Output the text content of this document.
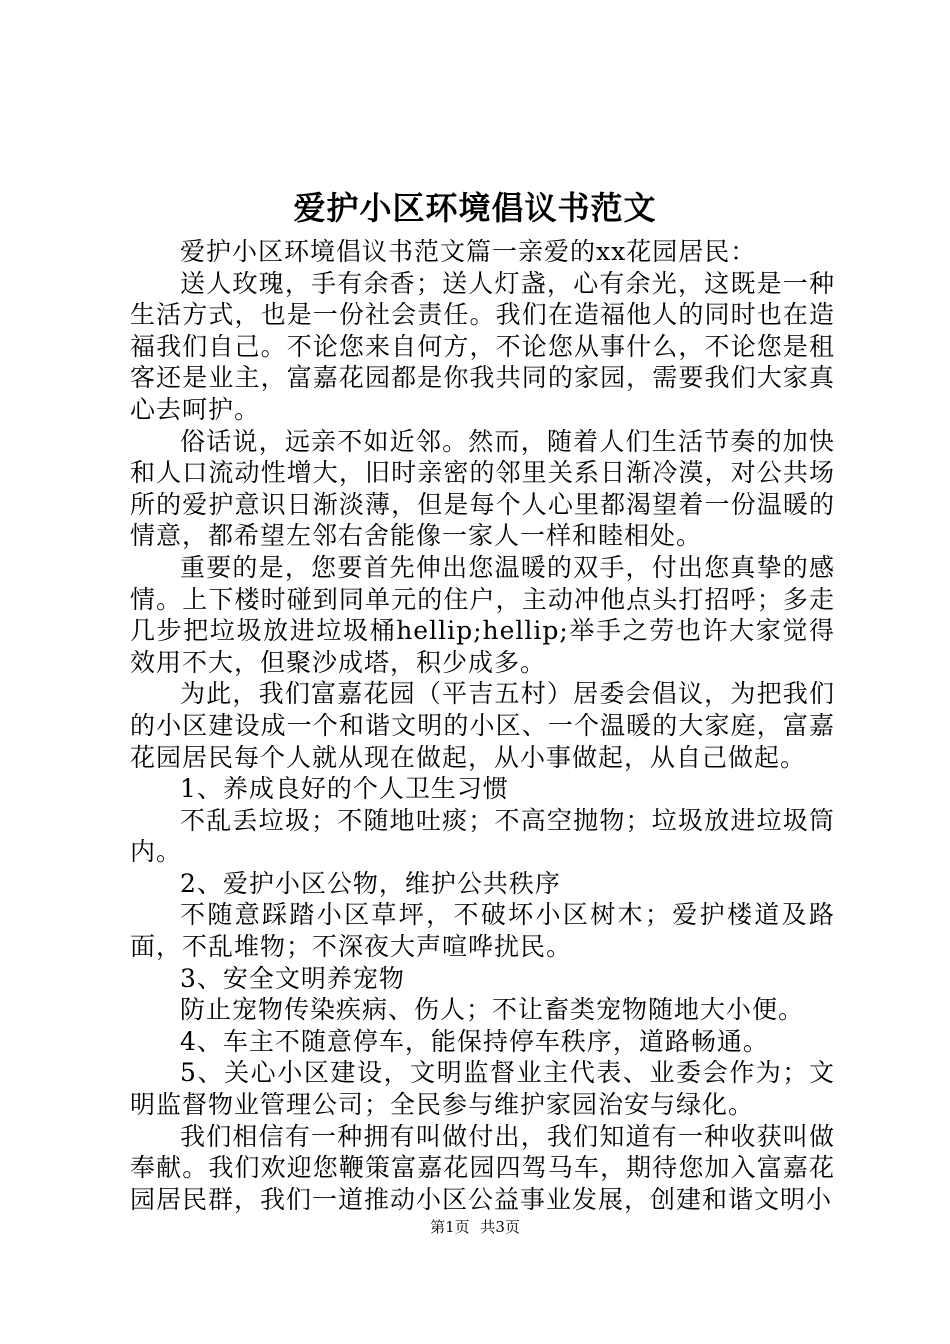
爱护小区环境倡议书范文

爱护小区环境倡议书范文篇一亲爱的xx花园居民：

送人玫瑰，手有余香；送人灯盏，心有余光，这既是一种生活方式，也是一份社会责任。我们在造福他人的同时也在造福我们自己。不论您来自何方，不论您从事什么，不论您是租客还是业主，富嘉花园都是你我共同的家园，需要我们大家真心去呵护。

俗话说，远亲不如近邻。然而，随着人们生活节奏的加快和人口流动性增大，旧时亲密的邻里关系日渐冷漠，对公共场所的爱护意识日渐淡薄，但是每个人心里都渴望着一份温暖的情意，都希望左邻右舍能像一家人一样和睦相处。

重要的是，您要首先伸出您温暖的双手，付出您真挚的感情。上下楼时碰到同单元的住户，主动冲他点头打招呼；多走几步把垃圾放进垃圾桶hellip;hellip;举手之劳也许大家觉得效用不大，但聚沙成塔，积少成多。

为此，我们富嘉花园（平吉五村）居委会倡议，为把我们的小区建设成一个和谐文明的小区、一个温暖的大家庭，富嘉花园居民每个人就从现在做起，从小事做起，从自己做起。

1、养成良好的个人卫生习惯

不乱丢垃圾；不随地吐痰；不高空抛物；垃圾放进垃圾筒内。

2、爱护小区公物，维护公共秩序

不随意踩踏小区草坪，不破坏小区树木；爱护楼道及路面，不乱堆物；不深夜大声喧哗扰民。

3、安全文明养宠物

防止宠物传染疾病、伤人；不让畜类宠物随地大小便。

4、车主不随意停车，能保持停车秩序，道路畅通。

5、关心小区建设，文明监督业主代表、业委会作为；文明监督物业管理公司；全民参与维护家园治安与绿化。

我们相信有一种拥有叫做付出，我们知道有一种收获叫做奉献。我们欢迎您鞭策富嘉花园四驾马车，期待您加入富嘉花园居民群，我们一道推动小区公益事业发展，创建和谐文明小

第1页 共3页
